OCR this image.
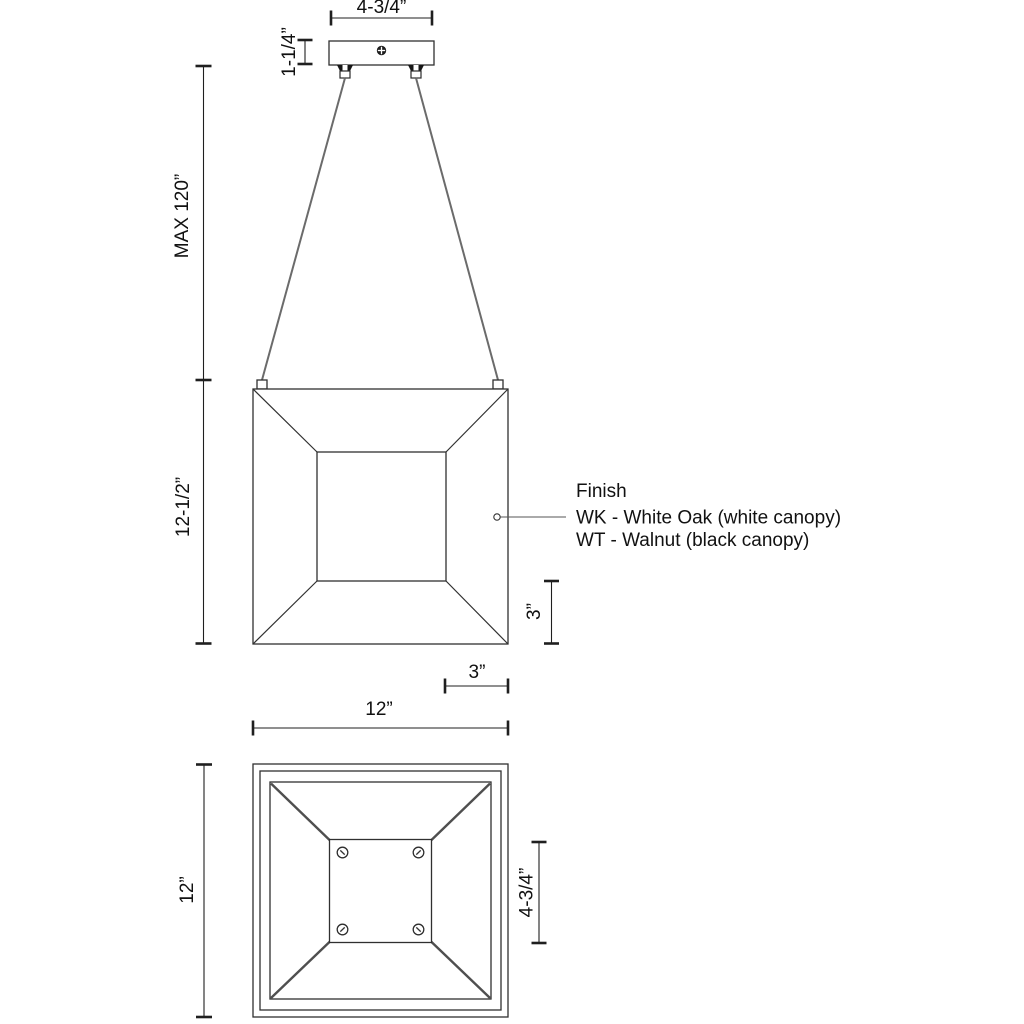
4-3/4”
1-1/4”
MAX 120”
12-1/2”
3”
3”
Finish
WK - White Oak (white canopy)
WT - Walnut (black canopy)
12”
12”	4-3/4”
